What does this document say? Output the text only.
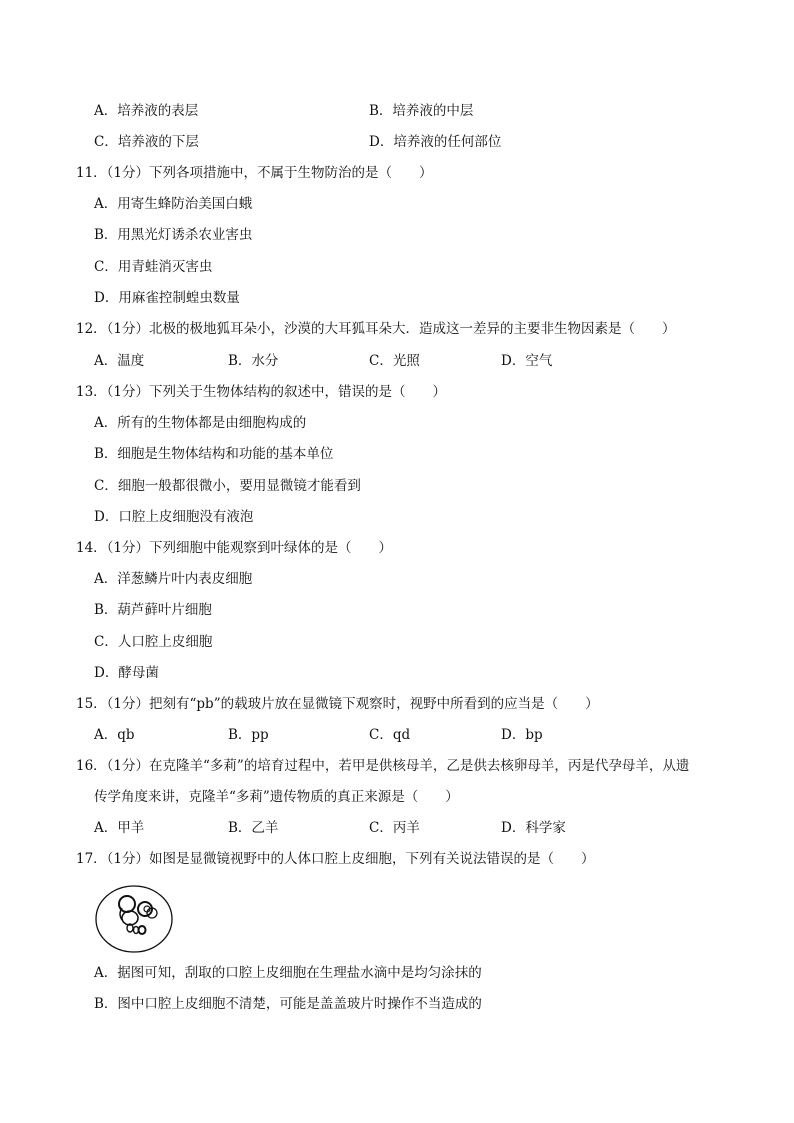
A．培养液的表层	B．培养液的中层
C．培养液的下层	D．培养液的任何部位
11．（1分）下列各项措施中，不属于生物防治的是（　　）
A．用寄生蜂防治美国白蛾
B．用黑光灯诱杀农业害虫
C．用青蛙消灭害虫
D．用麻雀控制蝗虫数量
12．（1分）北极的极地狐耳朵小，沙漠的大耳狐耳朵大．造成这一差异的主要非生物因素是（　　）
A．温度	B．水分	C．光照	D．空气
13．（1分）下列关于生物体结构的叙述中，错误的是（　　）
A．所有的生物体都是由细胞构成的
B．细胞是生物体结构和功能的基本单位
C．细胞一般都很微小，要用显微镜才能看到
D．口腔上皮细胞没有液泡
14．（1分）下列细胞中能观察到叶绿体的是（　　）
A．洋葱鳞片叶内表皮细胞
B．葫芦藓叶片细胞
C．人口腔上皮细胞
D．酵母菌
15．（1分）把刻有“pb”的载玻片放在显微镜下观察时，视野中所看到的应当是（　　）
A．qb	B．pp	C．qd	D．bp
16．（1分）在克隆羊“多莉”的培育过程中，若甲是供核母羊，乙是供去核卵母羊，丙是代孕母羊，从遗
传学角度来讲，克隆羊“多莉”遗传物质的真正来源是（　　）
A．甲羊	B．乙羊	C．丙羊	D．科学家
17．（1分）如图是显微镜视野中的人体口腔上皮细胞，下列有关说法错误的是（　　）
A．据图可知，刮取的口腔上皮细胞在生理盐水滴中是均匀涂抹的
B．图中口腔上皮细胞不清楚，可能是盖盖玻片时操作不当造成的
